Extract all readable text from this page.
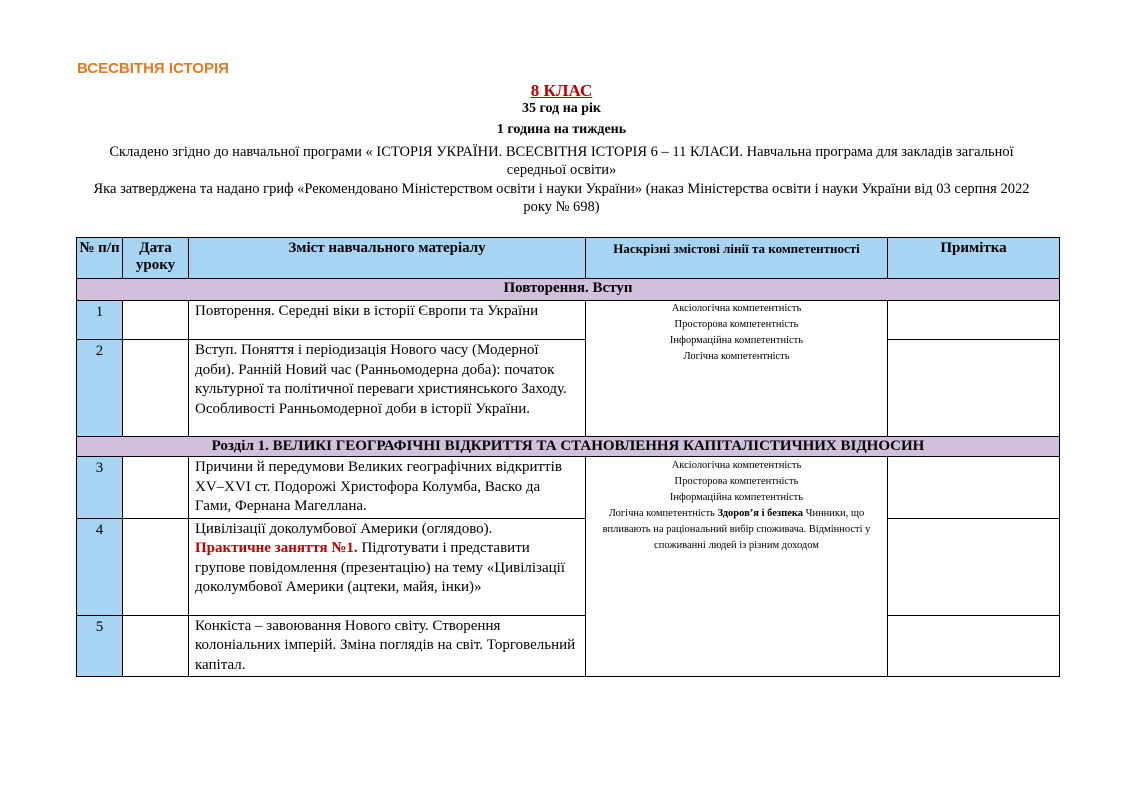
ВСЕСВІТНЯ ІСТОРІЯ
8 КЛАС
35 год на рік
1 година на тиждень
Складено згідно до навчальної програми « ІСТОРІЯ УКРАЇНИ. ВСЕСВІТНЯ ІСТОРІЯ 6 – 11 КЛАСИ. Навчальна програма для закладів загальної середньої освіти»
Яка затверджена та надано гриф «Рекомендовано Міністерством освіти і науки України» (наказ Міністерства освіти і науки України від 03 серпня 2022 року № 698)
№ п/п	Дата уроку	Зміст навчального матеріалу	Наскрізні змістові лінії та компетентності	Примітка
Повторення. Вступ				
1		Повторення. Середні віки в історії Європи та України	Аксіологічна компетентність
Просторова компетентність
Інформаційна компетентність
Логічна компетентність	

2		Вступ. Поняття і періодизація Нового часу (Модерної доби). Ранній Новий час (Ранньомодерна доба): початок культурної та політичної переваги християнського Заходу. Особливості Ранньомодерної доби в історії України.		
Розділ 1. ВЕЛИКІ ГЕОГРАФІЧНІ ВІДКРИТТЯ ТА СТАНОВЛЕННЯ КАПІТАЛІСТИЧНИХ ВІДНОСИН				
3		Причини й передумови Великих географічних відкриттів XV–XVI ст. Подорожі Христофора Колумба, Васко да Гами, Фернана Магеллана.	Аксіологічна компетентність
Просторова компетентність
Інформаційна компетентність
Логічна компетентність Здоров’я і безпека Чинники, що впливають на раціональний вибір споживача. Відмінності у споживанні людей із різним доходом	

4		Цивілізації доколумбової Америки (оглядово).
Практичне заняття №1. Підготувати і представити групове повідомлення (презентацію) на тему «Цивілізації доколумбової Америки (ацтеки, майя, інки)»		
5		Конкіста – завоювання Нового світу. Створення колоніальних імперій. Зміна поглядів на світ. Торговельний капітал.		
